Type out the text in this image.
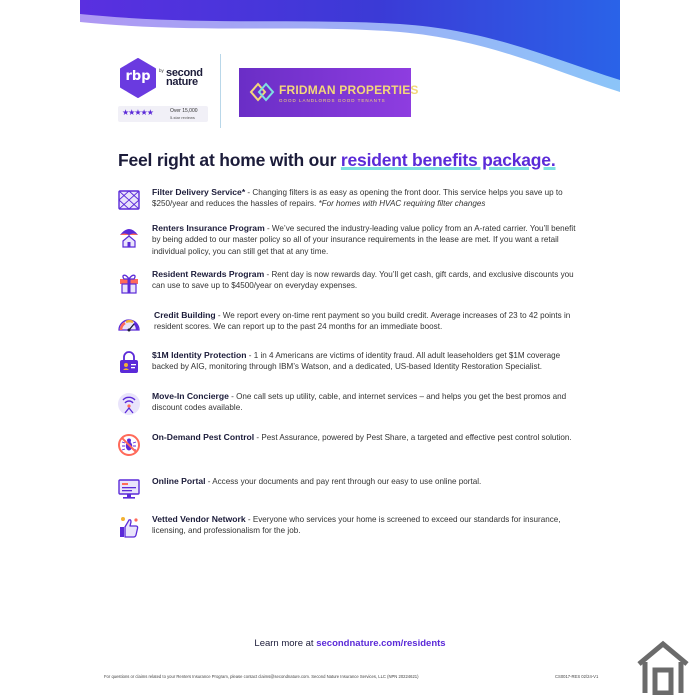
rbp	by second nature
★★★★★	Over 15,000
5-star reviews
FRIDMAN PROPERTIES
GOOD LANDLORDS GOOD TENANTS
Feel right at home with our resident benefits package.
Filter Delivery Service* - Changing filters is as easy as opening the front door. This service helps you save up to $250/year and reduces the hassles of repairs. *For homes with HVAC requiring filter changes
Renters Insurance Program - We’ve secured the industry-leading value policy from an A-rated carrier. You’ll benefit by being added to our master policy so all of your insurance requirements in the lease are met. If you want a retail individual policy, you can still get that at any time.
Resident Rewards Program - Rent day is now rewards day. You’ll get cash, gift cards, and exclusive discounts you can use to save up to $4500/year on everyday expenses.
Credit Building - We report every on-time rent payment so you build credit. Average increases of 23 to 42 points in resident scores. We can report up to the past 24 months for an immediate boost.
$1M Identity Protection - 1 in 4 Americans are victims of identity fraud. All adult leaseholders get $1M coverage backed by AIG, monitoring through IBM’s Watson, and a dedicated, US-based Identity Restoration Specialist.
Move-In Concierge - One call sets up utility, cable, and internet services – and helps you get the best promos and discount codes available.
On-Demand Pest Control - Pest Assurance, powered by Pest Share, a targeted and effective pest control solution.
Online Portal - Access your documents and pay rent through our easy to use online portal.
Vetted Vendor Network - Everyone who services your home is screened to exceed our standards for insurance, licensing, and professionalism for the job.
Learn more at secondnature.com/residents
For questions or claims related to your Renters Insurance Program, please contact claims@secondnature.com. Second Nature Insurance Services, LLC (NPN 20224621)	CS0017-RES 02/24-V1
